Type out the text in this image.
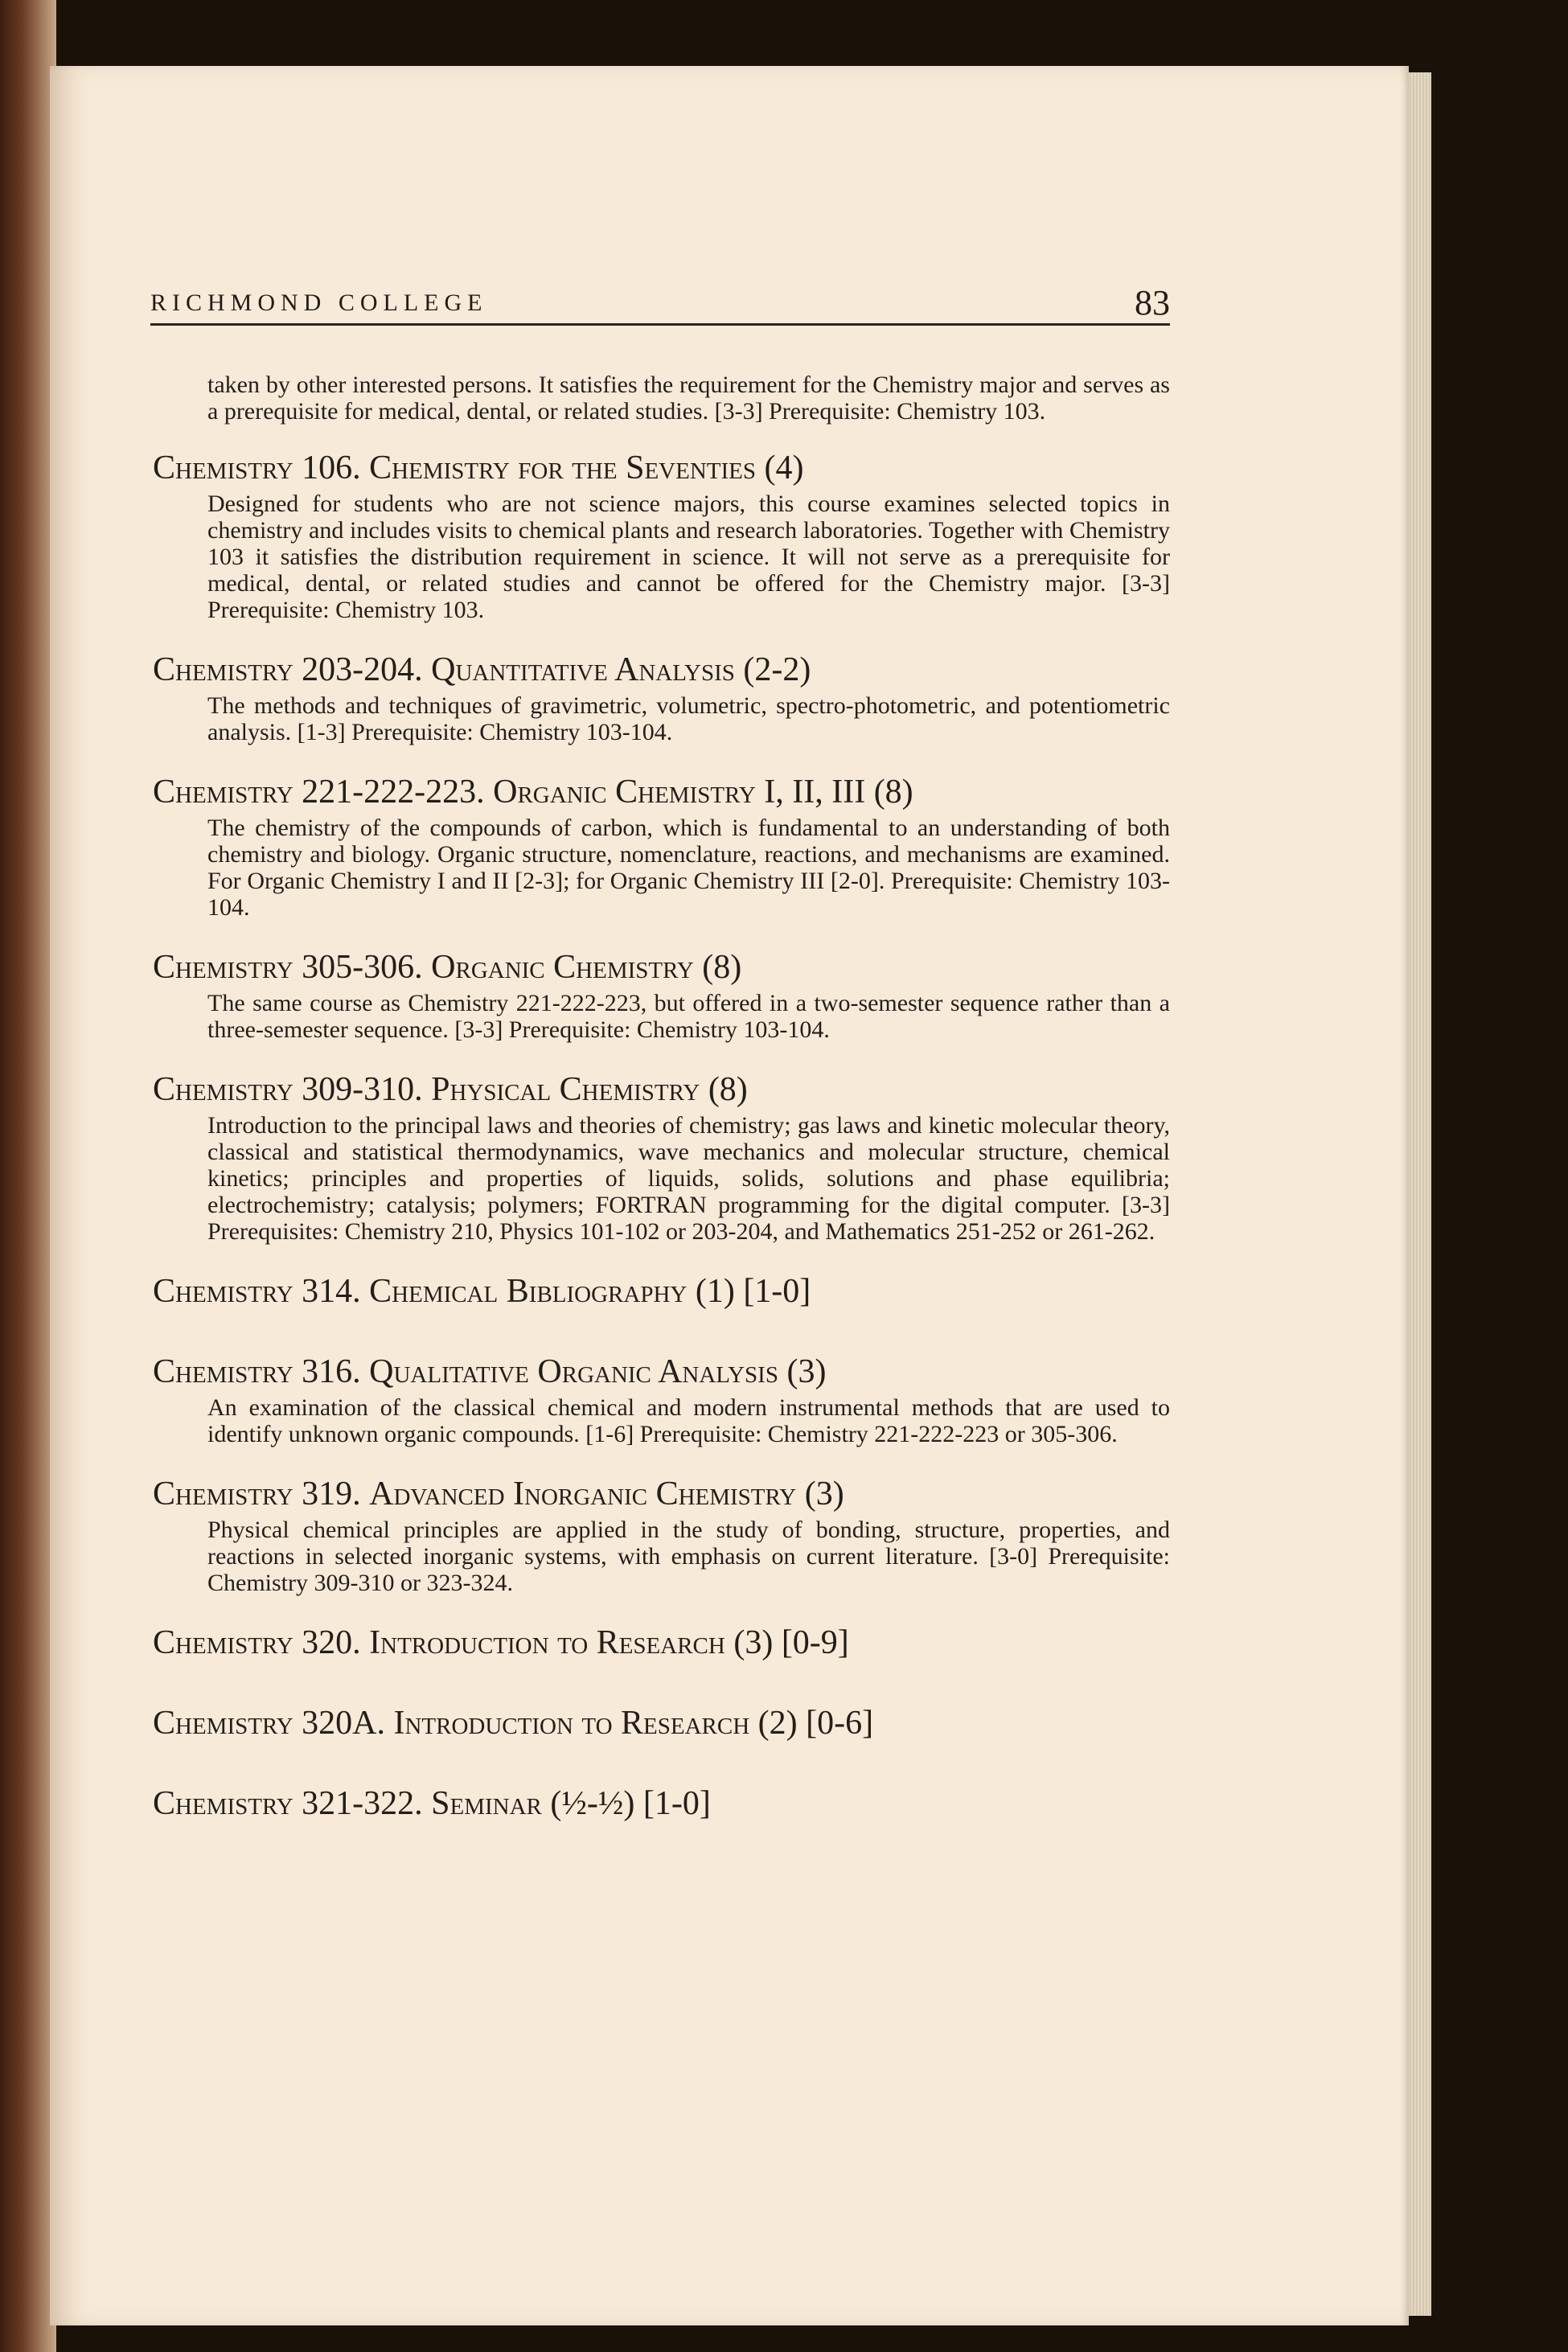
RICHMOND COLLEGE	83

taken by other interested persons. It satisfies the requirement for the Chemistry major and serves as a prerequisite for medical, dental, or related studies. [3-3] Prerequisite: Chemistry 103.

Chemistry 106. Chemistry for the Seventies (4)

Designed for students who are not science majors, this course examines selected topics in chemistry and includes visits to chemical plants and research laboratories. Together with Chemistry 103 it satisfies the distribution requirement in science. It will not serve as a prerequisite for medical, dental, or related studies and cannot be offered for the Chemistry major. [3-3] Prerequisite: Chemistry 103.

Chemistry 203-204. Quantitative Analysis (2-2)

The methods and techniques of gravimetric, volumetric, spectro-photometric, and potentiometric analysis. [1-3] Prerequisite: Chemistry 103-104.

Chemistry 221-222-223. Organic Chemistry I, II, III (8)

The chemistry of the compounds of carbon, which is fundamental to an understanding of both chemistry and biology. Organic structure, nomenclature, reactions, and mechanisms are examined. For Organic Chemistry I and II [2-3]; for Organic Chemistry III [2-0]. Prerequisite: Chemistry 103-104.

Chemistry 305-306. Organic Chemistry (8)

The same course as Chemistry 221-222-223, but offered in a two-semester sequence rather than a three-semester sequence. [3-3] Prerequisite: Chemistry 103-104.

Chemistry 309-310. Physical Chemistry (8)

Introduction to the principal laws and theories of chemistry; gas laws and kinetic molecular theory, classical and statistical thermodynamics, wave mechanics and molecular structure, chemical kinetics; principles and properties of liquids, solids, solutions and phase equilibria; electrochemistry; catalysis; polymers; FORTRAN programming for the digital computer. [3-3] Prerequisites: Chemistry 210, Physics 101-102 or 203-204, and Mathematics 251-252 or 261-262.

Chemistry 314. Chemical Bibliography (1) [1-0]
Chemistry 316. Qualitative Organic Analysis (3)

An examination of the classical chemical and modern instrumental methods that are used to identify unknown organic compounds. [1-6] Prerequisite: Chemistry 221-222-223 or 305-306.

Chemistry 319. Advanced Inorganic Chemistry (3)

Physical chemical principles are applied in the study of bonding, structure, properties, and reactions in selected inorganic systems, with emphasis on current literature. [3-0] Prerequisite: Chemistry 309-310 or 323-324.

Chemistry 320. Introduction to Research (3) [0-9]
Chemistry 320A. Introduction to Research (2) [0-6]
Chemistry 321-322. Seminar (½-½) [1-0]
